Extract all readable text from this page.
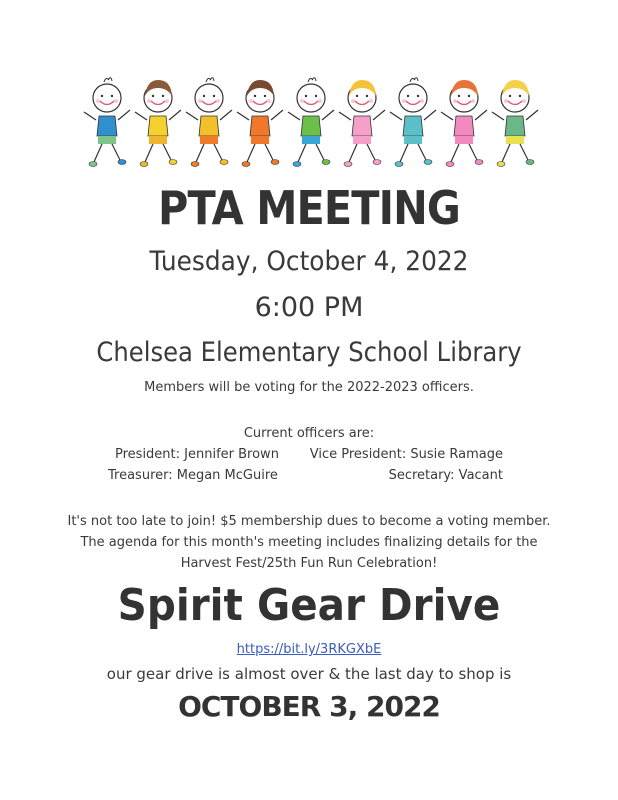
PTA MEETING
Tuesday, October 4, 2022
6:00 PM
Chelsea Elementary School Library
Members will be voting for the 2022-2023 officers.
Current officers are:
President: Jennifer Brown Vice President: Susie Ramage
Treasurer: Megan McGuire	Secretary: Vacant
It's not too late to join! $5 membership dues to become a voting member.
The agenda for this month's meeting includes finalizing details for the
Harvest Fest/25th Fun Run Celebration!
Spirit Gear Drive
https://bit.ly/3RKGXbE
our gear drive is almost over & the last day to shop is
OCTOBER 3, 2022
